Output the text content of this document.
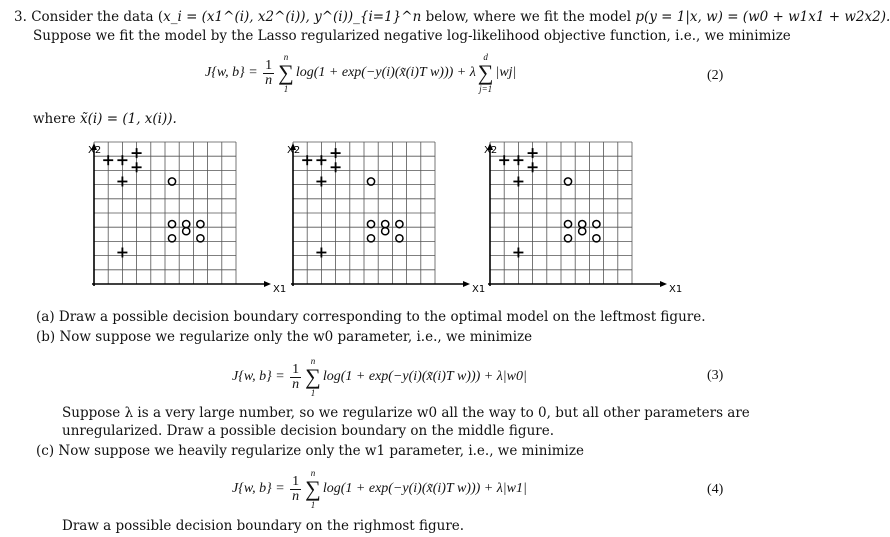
3. Consider the data (x_i = (x1^(i), x2^(i)), y^(i))_{i=1}^n below, where we fit the model p(y = 1|x, w) = (w0 + w1x1 + w2x2).
Suppose we fit the model by the Lasso regularized negative log-likelihood objective function, i.e., we minimize
J{w, $b\} = \frac{1}{n}$
n
∑
1
log(1 + exp(−y(i)(x̃(i)T w))) + λ
d
∑
j=1
|wj|	(2)
where x̃(i) = (1, x(i)).
X2
X1
X2
X1
X2
X1
(a) Draw a possible decision boundary corresponding to the optimal model on the leftmost figure.
(b) Now suppose we regularize only the w0 parameter, i.e., we minimize
J{w, $b\} = \frac{1}{n}$
n
∑
1
log(1 + exp(−y(i)(x̃(i)T w))) + λ|w0|	(3)
Suppose λ is a very large number, so we regularize w0 all the way to 0, but all other parameters are
unregularized. Draw a possible decision boundary on the middle figure.
(c) Now suppose we heavily regularize only the w1 parameter, i.e., we minimize
J{w, $b\} = \frac{1}{n}$
n
∑
1
log(1 + exp(−y(i)(x̃(i)T w))) + λ|w1|	(4)
Draw a possible decision boundary on the righmost figure.
